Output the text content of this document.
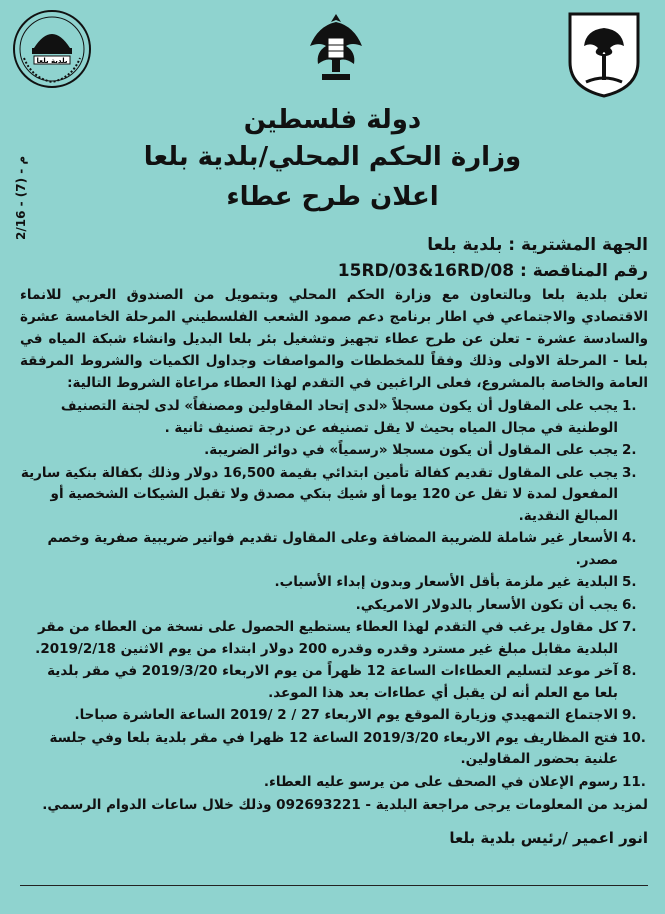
بلدية بلعا
دولة فلسطين
وزارة الحكم المحلي/بلدية بلعا
اعلان طرح عطاء
2/16 - (7) - م
الجهة المشترية : بلدية بلعا
رقم المناقصة : 15RD/03&16RD/08
تعلن بلدية بلعا وبالتعاون مع وزارة الحكم المحلي وبتمويل من الصندوق العربي للانماء الاقتصادي والاجتماعي في اطار برنامج دعم صمود الشعب الفلسطيني المرحلة الخامسة عشرة والسادسة عشرة - تعلن عن طرح عطاء تجهيز وتشغيل بئر بلعا البديل وانشاء شبكة المياه في بلعا - المرحلة الاولى وذلك وفقاً للمخططات والمواصفات وجداول الكميات والشروط المرفقة العامة والخاصة بالمشروع، فعلى الراغبين في التقدم لهذا العطاء مراعاة الشروط التالية:
1.
يجب على المقاول أن يكون مسجلاً «لدى إتحاد المقاولين ومصنفاً» لدى لجنة التصنيف الوطنية في مجال المياه بحيث لا يقل تصنيفه عن درجة تصنيف ثانية .
2.
يجب على المقاول أن يكون مسجلا «رسمياً» في دوائر الضريبة.
3.
يجب على المقاول تقديم كفالة تأمين ابتدائي بقيمة 16,500 دولار وذلك بكفالة بنكية سارية المفعول لمدة لا تقل عن 120 يوما أو شيك بنكي مصدق ولا تقبل الشيكات الشخصية أو المبالغ النقدية.
4.
الأسعار غير شاملة للضريبة المضافة وعلى المقاول تقديم فواتير ضريبية صفرية وخصم مصدر.
5.
البلدية غير ملزمة بأقل الأسعار وبدون إبداء الأسباب.
6.
يجب أن تكون الأسعار بالدولار الامريكي.
7.
كل مقاول يرغب في التقدم لهذا العطاء يستطيع الحصول على نسخة من العطاء من مقر البلدية مقابل مبلغ غير مسترد وقدره وقدره 200 دولار ابتداء من يوم الاثنين 2019/2/18.
8.
آخر موعد لتسليم العطاءات الساعة 12 ظهراً من يوم الاربعاء 2019/3/20 في مقر بلدية بلعا مع العلم أنه لن يقبل أي عطاءات بعد هذا الموعد.
9.
الاجتماع التمهيدي وزيارة الموقع يوم الاربعاء 27 / 2 /2019 الساعة العاشرة صباحا.
10.
فتح المظاريف يوم الاربعاء 2019/3/20 الساعة 12 ظهرا في مقر بلدية بلعا وفي جلسة علنية بحضور المقاولين.
11.
رسوم الإعلان في الصحف على من يرسو عليه العطاء.
لمزيد من المعلومات يرجى مراجعة البلدية - 092693221 وذلك خلال ساعات الدوام الرسمي.
انور اعمير /رئيس بلدية بلعا
